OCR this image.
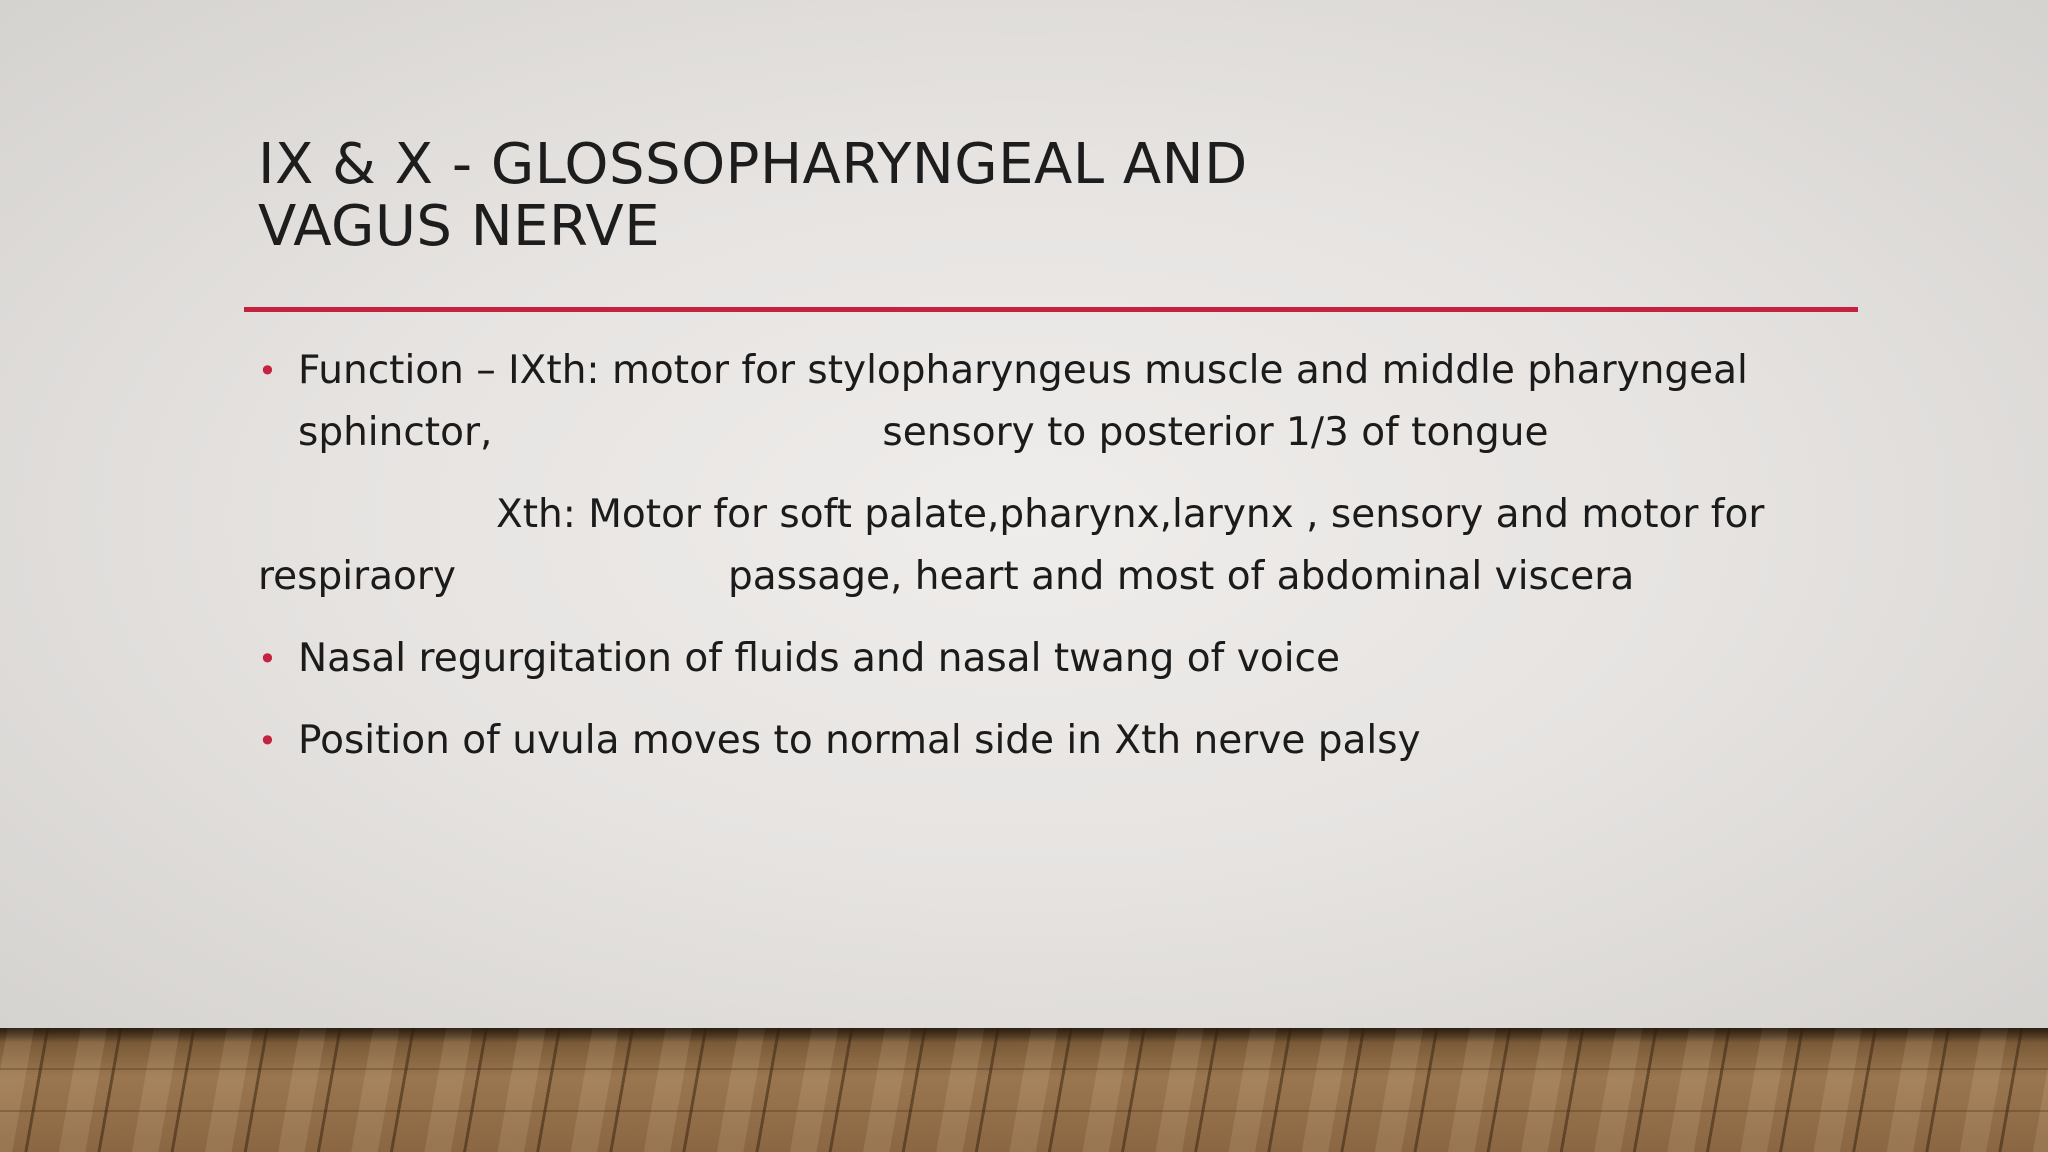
IX & X - GLOSSOPHARYNGEAL AND
VAGUS NERVE
• Function – IXth: motor for stylopharyngeus muscle and middle pharyngeal
sphinctor,	sensory to posterior 1/3 of tongue
Xth: Motor for soft palate,pharynx,larynx , sensory and motor for
respiraory	passage, heart and most of abdominal viscera
• Nasal regurgitation of fluids and nasal twang of voice
• Position of uvula moves to normal side in Xth nerve palsy
